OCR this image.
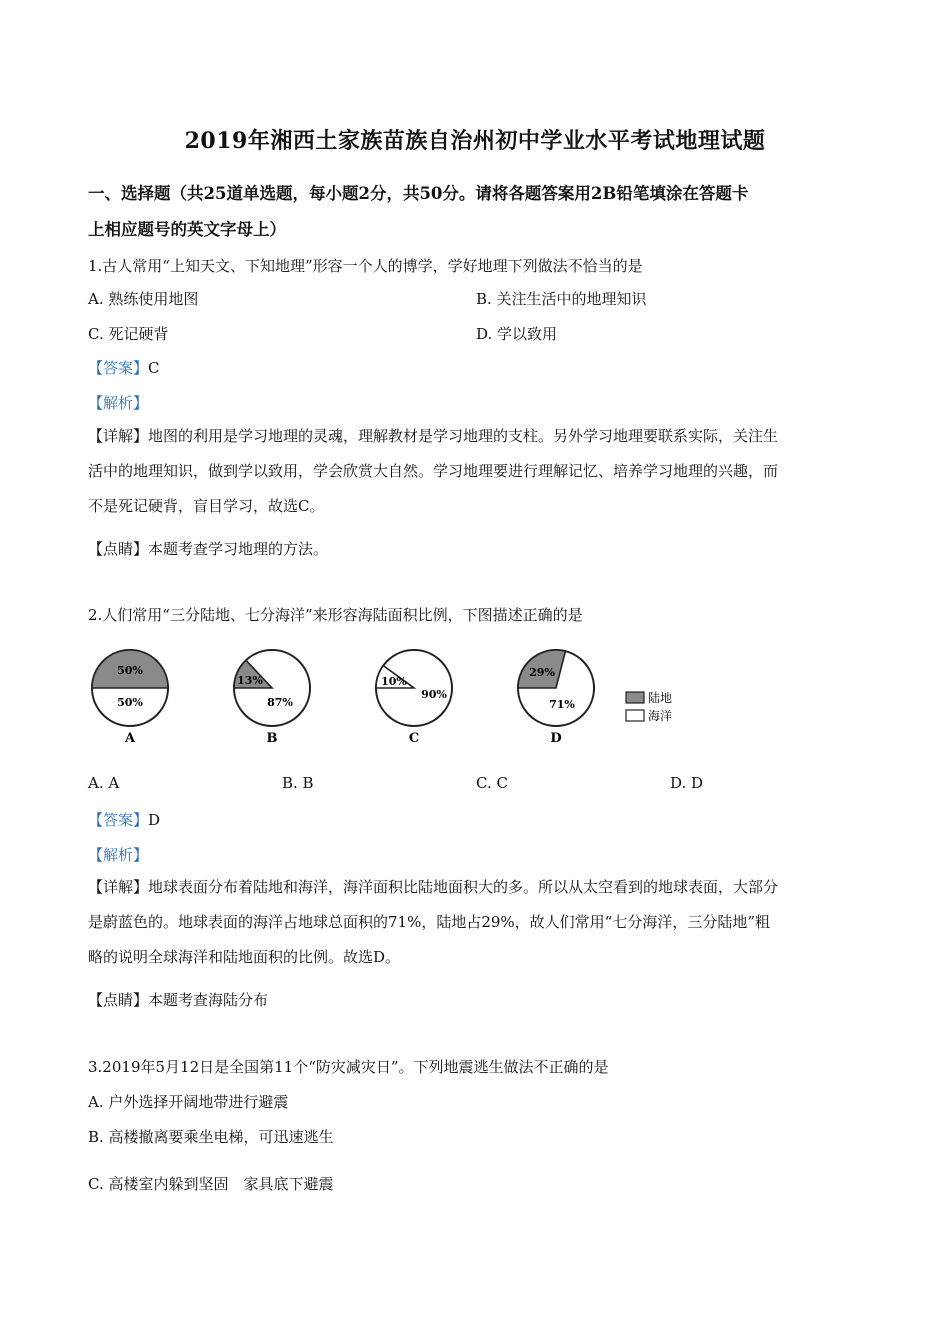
2019年湘西土家族苗族自治州初中学业水平考试地理试题
一、选择题（共25道单选题，每小题2分，共50分。请将各题答案用2B铅笔填涂在答题卡
上相应题号的英文字母上）
1.古人常用“上知天文、下知地理”形容一个人的博学，学好地理下列做法不恰当的是
A. 熟练使用地图	B. 关注生活中的地理知识
C. 死记硬背	D. 学以致用
【答案】C
【解析】
【详解】地图的利用是学习地理的灵魂，理解教材是学习地理的支柱。另外学习地理要联系实际，关注生
活中的地理知识，做到学以致用，学会欣赏大自然。学习地理要进行理解记忆、培养学习地理的兴趣，而
不是死记硬背，盲目学习，故选C。
【点睛】本题考查学习地理的方法。
2.人们常用“三分陆地、七分海洋”来形容海陆面积比例，下图描述正确的是
陆地
海洋
50%
50%
A
13%
87%
B
10%
90%
C
29%
71%
D
A. A	B. B	C. C	D. D
【答案】D
【解析】
【详解】地球表面分布着陆地和海洋，海洋面积比陆地面积大的多。所以从太空看到的地球表面，大部分
是蔚蓝色的。地球表面的海洋占地球总面积的71%，陆地占29%，故人们常用“七分海洋，三分陆地”粗
略的说明全球海洋和陆地面积的比例。故选D。
【点睛】本题考查海陆分布
3.2019年5月12日是全国第11个“防灾减灾日”。下列地震逃生做法不正确的是
A. 户外选择开阔地带进行避震
B. 高楼撤离要乘坐电梯，可迅速逃生
C. 高楼室内躲到坚固　家具底下避震
